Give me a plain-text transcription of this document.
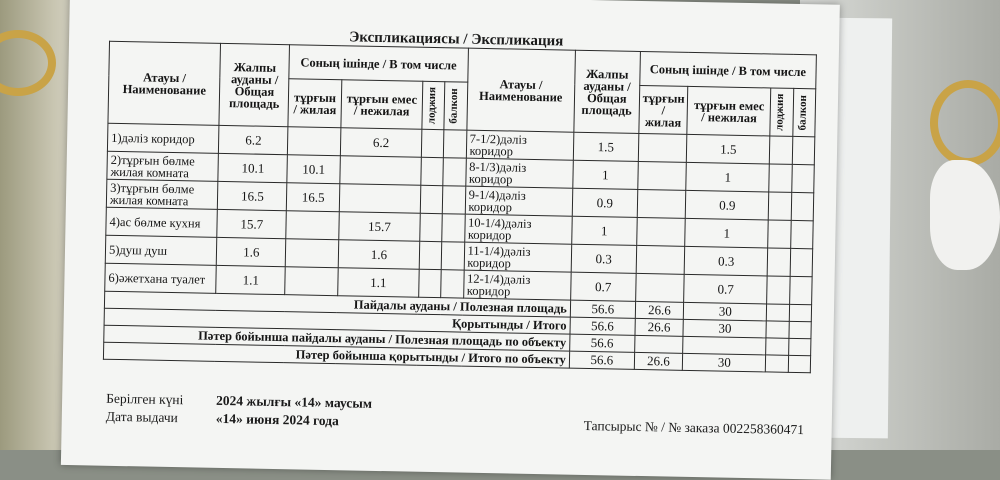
Экспликациясы / Экспликация
Атауы / Наименование	Жалпы ауданы / Общая площадь	Соның ішінде / В том числе				Атауы / Наименование	Жалпы ауданы / Общая площадь	Соның ішінде / В том числе			
		тұрғын / жилая	тұрғын емес / нежилая	лоджия	балкон			тұрғын / жилая	тұрғын емес / нежилая	лоджия	балкон

1)дәліз коридор	6.2		6.2			7-1/2)дәліз коридор	1.5		1.5		
2)тұрғын бөлме жилая комната	10.1	10.1				8-1/3)дәліз коридор	1		1		
3)тұрғын бөлме жилая комната	16.5	16.5				9-1/4)дәліз коридор	0.9		0.9		
4)ас бөлме кухня	15.7		15.7			10-1/4)дәліз коридор	1		1		
5)душ душ	1.6		1.6			11-1/4)дәліз коридор	0.3		0.3		
6)әжетхана туалет	1.1		1.1			12-1/4)дәліз коридор	0.7		0.7		
Пайдалы ауданы / Полезная площадь							56.6	26.6	30		
Қорытынды / Итого							56.6	26.6	30		
Пәтер бойынша пайдалы ауданы / Полезная площадь по объекту							56.6				
Пәтер бойынша қорытынды / Итого по объекту							56.6	26.6	30		
Берілген күні 2024 жылғы «14» маусым
Дата выдачи	«14» июня 2024 года	Тапсырыс № / № заказа 002258360471
